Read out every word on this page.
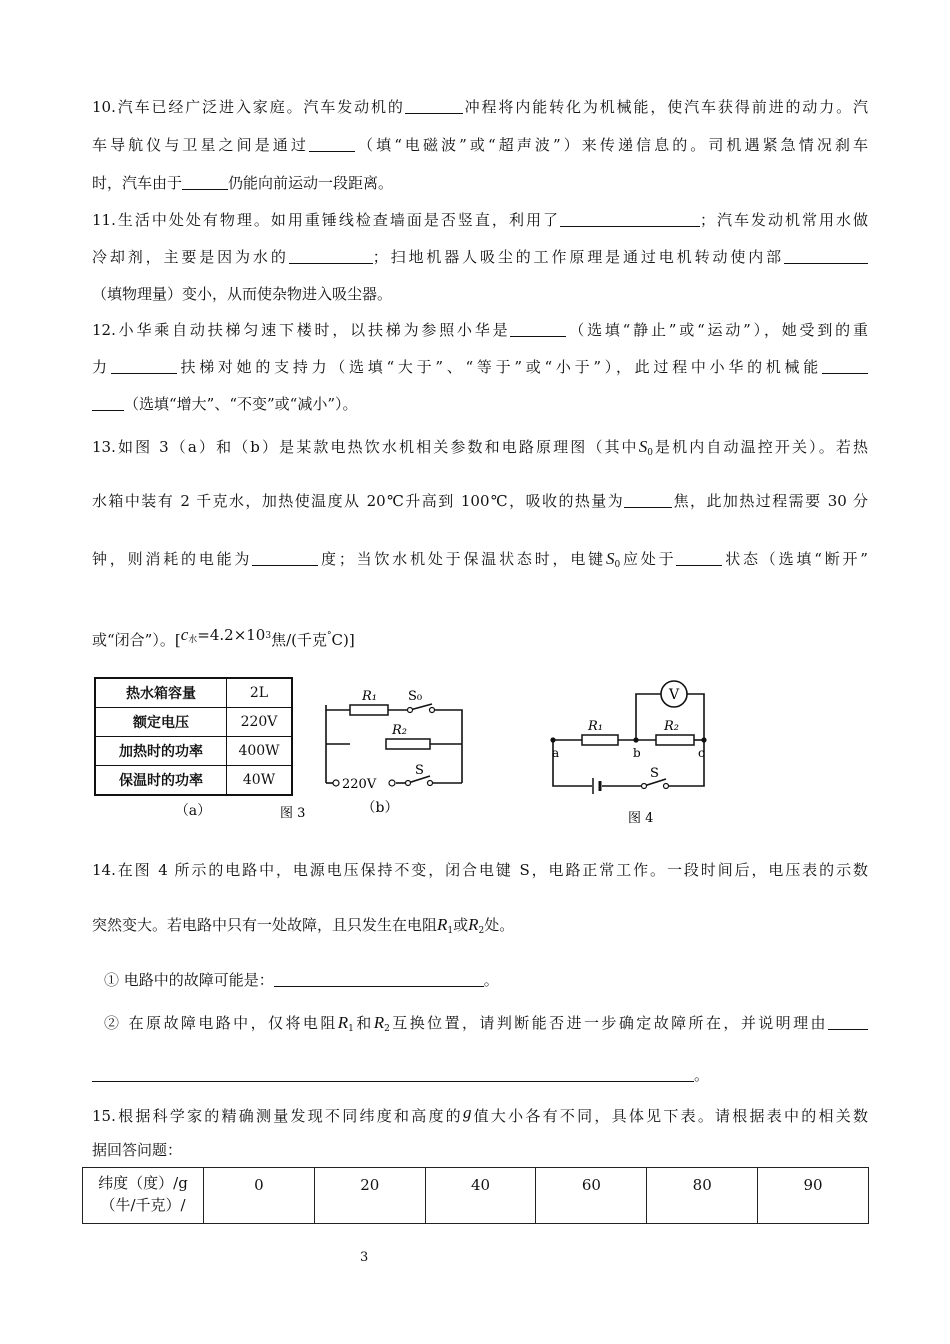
10.汽车已经广泛进入家庭。汽车发动机的	冲程将内能转化为机械能，使汽车获得前进的动力。汽
车导航仪与卫星之间是通过	（填“电磁波”或“超声波”）来传递信息的。司机遇紧急情况刹车
时，汽车由于	仍能向前运动一段距离。
11.生活中处处有物理。如用重锤线检查墙面是否竖直，利用了	；汽车发动机常用水做
冷却剂，主要是因为水的	；扫地机器人吸尘的工作原理是通过电机转动使内部
（填物理量）变小，从而使杂物进入吸尘器。
12.小华乘自动扶梯匀速下楼时，以扶梯为参照小华是	（选填“静止”或“运动”），她受到的重
力	扶梯对她的支持力（选填“大于”、“等于”或“小于”），此过程中小华的机械能
（选填“增大”、“不变”或“减小”）。
13.如图 3（a）和（b）是某款电热饮水机相关参数和电路原理图（其中$S_0$是机内自动温控开关）。若热
水箱中装有 2 千克水，加热使温度从 20℃升高到 100℃，吸收的热量为	焦，此加热过程需要 30 分
钟，则消耗的电能为	度；当饮水机处于保温状态时，电键$S_0$应处于	状态（选填“断开”
或“闭合”）。[$c^水=4.2\times 10^3$焦/(千克°C)]
热水箱容量	2L
额定电压	220V
加热时的功率	400W
保温时的功率	40W
（a）
R₁ S₀
R₂
220V
S
（b）
图 3
V
R₁	R₂
a	b	c
S
图 4
14.在图 4 所示的电路中，电源电压保持不变，闭合电键 S，电路正常工作。一段时间后，电压表的示数
突然变大。若电路中只有一处故障，且只发生在电阻$R_1$或$R_2$处。
① 电路中的故障可能是：	。
② 在原故障电路中，仅将电阻$R_1$和$R_2$互换位置，请判断能否进一步确定故障所在，并说明理由
。
15.根据科学家的精确测量发现不同纬度和高度的g值大小各有不同，具体见下表。请根据表中的相关数
据回答问题：
纬度（度）/g
（牛/千克）/
	0	20	40	60	80	90
3
